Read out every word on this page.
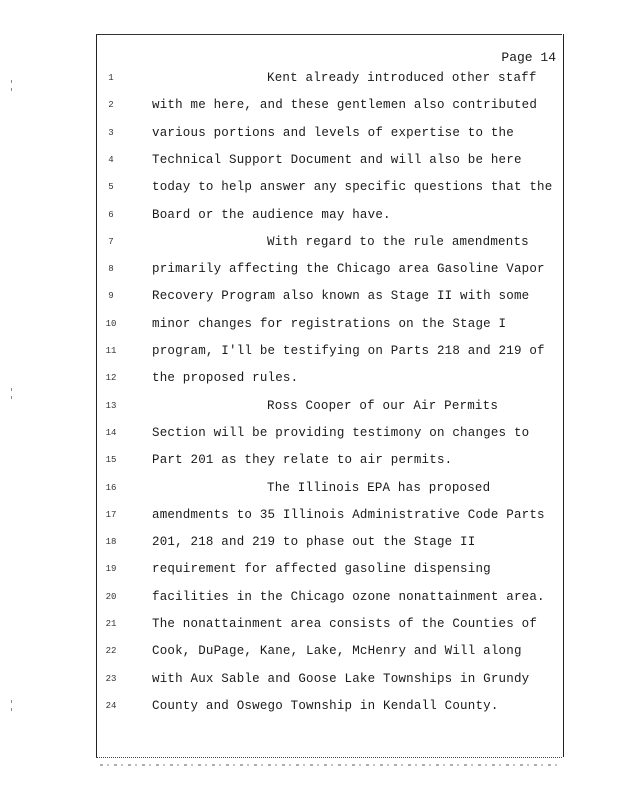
Page 14
1	Kent already introduced other staff
2	with me here, and these gentlemen also contributed
3	various portions and levels of expertise to the
4	Technical Support Document and will also be here
5	today to help answer any specific questions that the
6	Board or the audience may have.
7	With regard to the rule amendments
8	primarily affecting the Chicago area Gasoline Vapor
9	Recovery Program also known as Stage II with some
10	minor changes for registrations on the Stage I
11	program, I'll be testifying on Parts 218 and 219 of
12	the proposed rules.
13	Ross Cooper of our Air Permits
14	Section will be providing testimony on changes to
15	Part 201 as they relate to air permits.
16	The Illinois EPA has proposed
17	amendments to 35 Illinois Administrative Code Parts
18	201, 218 and 219 to phase out the Stage II
19	requirement for affected gasoline dispensing
20	facilities in the Chicago ozone nonattainment area.
21	The nonattainment area consists of the Counties of
22	Cook, DuPage, Kane, Lake, McHenry and Will along
23	with Aux Sable and Goose Lake Townships in Grundy
24	County and Oswego Township in Kendall County.
